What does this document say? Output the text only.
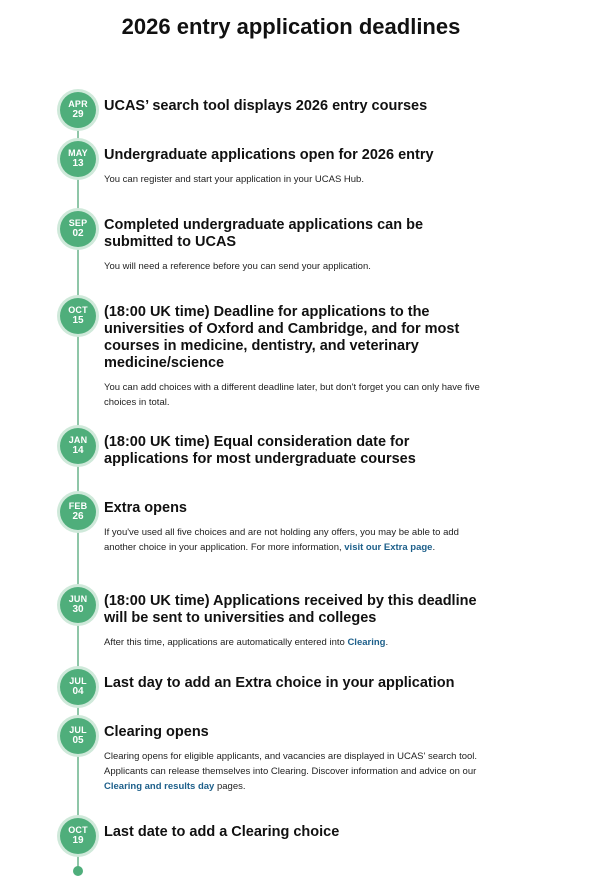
2026 entry application deadlines
APR
29

UCAS’ search tool displays 2026 entry courses

MAY
13

Undergraduate applications open for 2026 entry

You can register and start your application in your UCAS Hub.

SEP
02

Completed undergraduate applications can be submitted to UCAS

You will need a reference before you can send your application.

OCT
15

(18:00 UK time) Deadline for applications to the universities of Oxford and Cambridge, and for most courses in medicine, dentistry, and veterinary medicine/science

You can add choices with a different deadline later, but don't forget you can only have five choices in total.

JAN
14

(18:00 UK time) Equal consideration date for applications for most undergraduate courses

FEB
26

Extra opens

If you've used all five choices and are not holding any offers, you may be able to add another choice in your application. For more information, visit our Extra page.

JUN
30

(18:00 UK time) Applications received by this deadline will be sent to universities and colleges

After this time, applications are automatically entered into Clearing.

JUL
04

Last day to add an Extra choice in your application

JUL
05

Clearing opens

Clearing opens for eligible applicants, and vacancies are displayed in UCAS' search tool. Applicants can release themselves into Clearing. Discover information and advice on our Clearing and results day pages.

OCT
19

Last date to add a Clearing choice
